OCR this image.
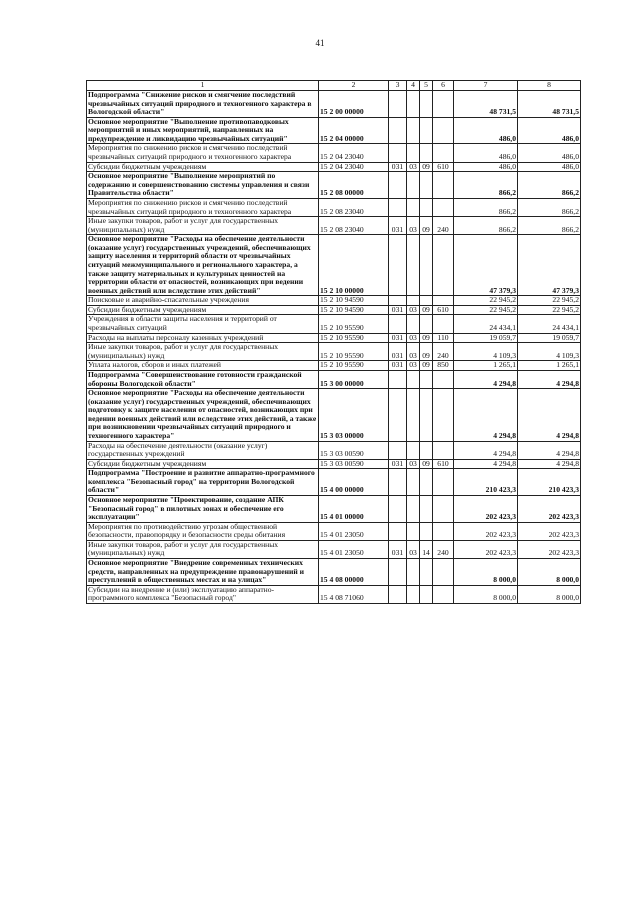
41
1	2	3	4	5	6	7	8
Подпрограмма "Снижение рисков и смягчение последствий чрезвычайных ситуаций природного и техногенного характера в Вологодской области"	15 2 00 00000					48 731,5	48 731,5
Основное мероприятие "Выполнение противопаводковых мероприятий и иных мероприятий, направленных на предупреждение и ликвидацию чрезвычайных ситуаций"	15 2 04 00000					486,0	486,0
Мероприятия по снижению рисков и смягчению последствий чрезвычайных ситуаций природного и техногенного характера	15 2 04 23040					486,0	486,0
Субсидии бюджетным учреждениям	15 2 04 23040	031	03	09	610	486,0	486,0
Основное мероприятие "Выполнение мероприятий по содержанию и совершенствованию системы управления и связи Правительства области"	15 2 08 00000					866,2	866,2
Мероприятия по снижению рисков и смягчению последствий чрезвычайных ситуаций природного и техногенного характера	15 2 08 23040					866,2	866,2
Иные закупки товаров, работ и услуг для государственных (муниципальных) нужд	15 2 08 23040	031	03	09	240	866,2	866,2
Основное мероприятие "Расходы на обеспечение деятельности (оказание услуг) государственных учреждений, обеспечивающих защиту населения и территорий области от чрезвычайных ситуаций межмуниципального и регионального характера, а также защиту материальных и культурных ценностей на территории области от опасностей, возникающих при ведении военных действий или вследствие этих действий"	15 2 10 00000					47 379,3	47 379,3
Поисковые и аварийно-спасательные учреждения	15 2 10 94590					22 945,2	22 945,2
Субсидии бюджетным учреждениям	15 2 10 94590	031	03	09	610	22 945,2	22 945,2
Учреждения в области защиты населения и территорий от чрезвычайных ситуаций	15 2 10 95590					24 434,1	24 434,1
Расходы на выплаты персоналу казенных учреждений	15 2 10 95590	031	03	09	110	19 059,7	19 059,7
Иные закупки товаров, работ и услуг для государственных (муниципальных) нужд	15 2 10 95590	031	03	09	240	4 109,3	4 109,3
Уплата налогов, сборов и иных платежей	15 2 10 95590	031	03	09	850	1 265,1	1 265,1
Подпрограмма "Совершенствование готовности гражданской обороны Вологодской области"	15 3 00 00000					4 294,8	4 294,8
Основное мероприятие "Расходы на обеспечение деятельности (оказание услуг) государственных учреждений, обеспечивающих подготовку к защите населения от опасностей, возникающих при ведении военных действий или вследствие этих действий, а также при возникновении чрезвычайных ситуаций природного и техногенного характера"	15 3 03 00000					4 294,8	4 294,8
Расходы на обеспечение деятельности (оказание услуг) государственных учреждений	15 3 03 00590					4 294,8	4 294,8
Субсидии бюджетным учреждениям	15 3 03 00590	031	03	09	610	4 294,8	4 294,8
Подпрограмма "Построение и развитие аппаратно-программного комплекса "Безопасный город" на территории Вологодской области"	15 4 00 00000					210 423,3	210 423,3
Основное мероприятие "Проектирование, создание АПК "Безопасный город" в пилотных зонах и обеспечение его эксплуатации"	15 4 01 00000					202 423,3	202 423,3
Мероприятия по противодействию угрозам общественной безопасности, правопорядку и безопасности среды обитания	15 4 01 23050					202 423,3	202 423,3
Иные закупки товаров, работ и услуг для государственных (муниципальных) нужд	15 4 01 23050	031	03	14	240	202 423,3	202 423,3
Основное мероприятие "Внедрение современных технических средств, направленных на предупреждение правонарушений и преступлений в общественных местах и на улицах"	15 4 08 00000					8 000,0	8 000,0
Субсидии на внедрение и (или) эксплуатацию аппаратно-программного комплекса "Безопасный город"	15 4 08 71060					8 000,0	8 000,0
